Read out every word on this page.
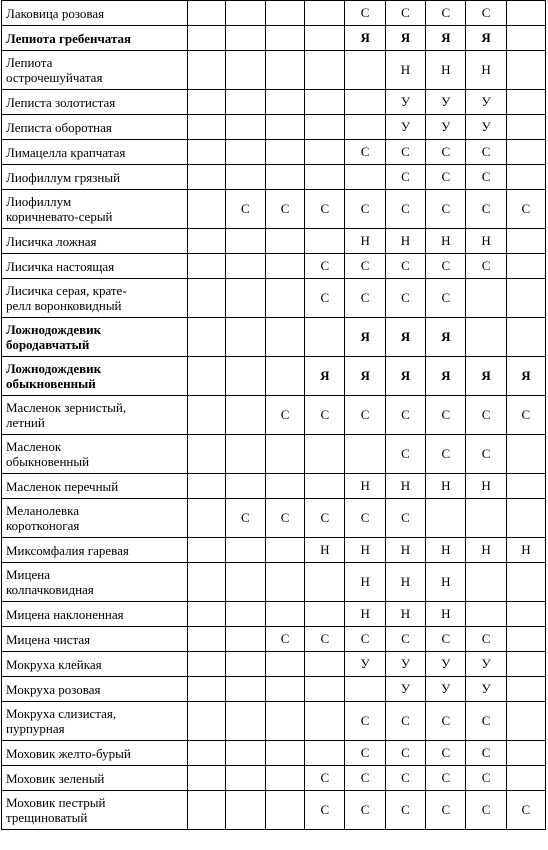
Лаковица розовая					С	С	С	С	
Лепиота гребенчатая					Я	Я	Я	Я	
Лепиота
острочешуйчатая						Н	Н	Н	
Леписта золотистая						У	У	У	
Леписта оборотная						У	У	У	
Лимацелла крапчатая					С	С	С	С	
Лиофиллум грязный						С	С	С	
Лиофиллум
коричневато-серый		С	С	С	С	С	С	С	С
Лисичка ложная					Н	Н	Н	Н	
Лисичка настоящая				С	С	С	С	С	
Лисичка серая, крате-
релл воронковидный				С	С	С	С		
Ложнодождевик
бородавчатый					Я	Я	Я		
Ложнодождевик
обыкновенный				Я	Я	Я	Я	Я	Я
Масленок зернистый,
летний			С	С	С	С	С	С	С
Масленок
обыкновенный						С	С	С	
Масленок перечный					Н	Н	Н	Н	
Меланолевка
коротконогая		С	С	С	С	С			
Миксомфалия гаревая				Н	Н	Н	Н	Н	Н
Мицена
колпачковидная					Н	Н	Н		
Мицена наклоненная					Н	Н	Н		
Мицена чистая			С	С	С	С	С	С	
Мокруха клейкая					У	У	У	У	
Мокруха розовая						У	У	У	
Мокруха слизистая,
пурпурная					С	С	С	С	
Моховик желто-бурый					С	С	С	С	
Моховик зеленый				С	С	С	С	С	
Моховик пестрый
трещиноватый				С	С	С	С	С	С
